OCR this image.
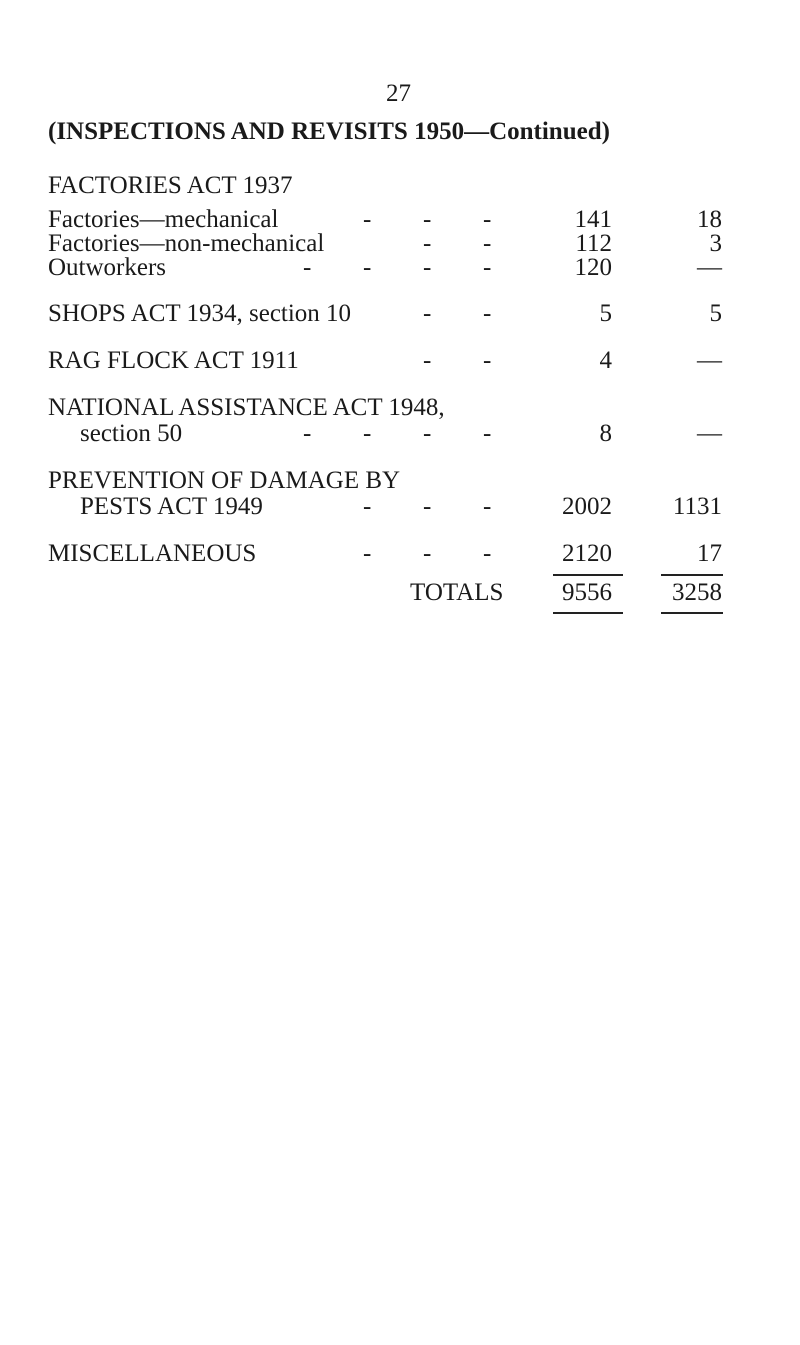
27
(INSPECTIONS AND REVISITS 1950—Continued)
FACTORIES ACT 1937
Factories—mechanical	- - -	141	18
Factories—non-mechanical	- -	112	3
Outworkers	- - - -	120	—
SHOPS ACT 1934, section 10	- -	5	5
RAG FLOCK ACT 1911	- -	4	—
NATIONAL ASSISTANCE ACT 1948,
section 50	- - - -	8	—
PREVENTION OF DAMAGE BY
PESTS ACT 1949	- - -	2002	1131
MISCELLANEOUS	- - -	2120	17
TOTALS	9556	3258
